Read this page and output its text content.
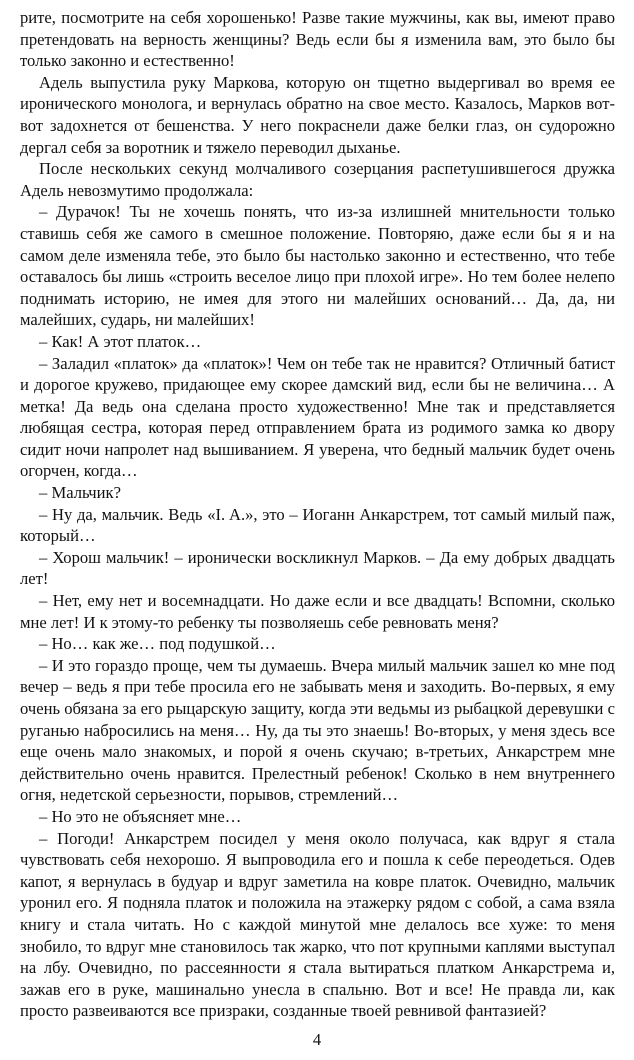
рите, посмотрите на себя хорошенько! Разве такие мужчины, как вы, имеют право претендовать на верность женщины? Ведь если бы я изменила вам, это было бы только законно и естественно!

Адель выпустила руку Маркова, которую он тщетно выдергивал во время ее иронического монолога, и вернулась обратно на свое место. Казалось, Марков вот-вот задохнется от бешенства. У него покраснели даже белки глаз, он судорожно дергал себя за воротник и тяжело переводил дыханье.

После нескольких секунд молчаливого созерцания распетушившегося дружка Адель невозмутимо продолжала:

– Дурачок! Ты не хочешь понять, что из-за излишней мнительности только ставишь себя же самого в смешное положение. Повторяю, даже если бы я и на самом деле изменяла тебе, это было бы настолько законно и естественно, что тебе оставалось бы лишь «строить веселое лицо при плохой игре». Но тем более нелепо поднимать историю, не имея для этого ни малейших оснований… Да, да, ни малейших, сударь, ни малейших!

– Как! А этот платок…

– Заладил «платок» да «платок»! Чем он тебе так не нравится? Отличный батист и дорогое кружево, придающее ему скорее дамский вид, если бы не величина… А метка! Да ведь она сделана просто художественно! Мне так и представляется любящая сестра, которая перед отправлением брата из родимого замка ко двору сидит ночи напролет над вышиванием. Я уверена, что бедный мальчик будет очень огорчен, когда…

– Мальчик?

– Ну да, мальчик. Ведь «I. A.», это – Иоганн Анкарстрем, тот самый милый паж, который…

– Хорош мальчик! – иронически воскликнул Марков. – Да ему добрых двадцать лет!

– Нет, ему нет и восемнадцати. Но даже если и все двадцать! Вспомни, сколько мне лет! И к этому-то ребенку ты позволяешь себе ревновать меня?

– Но… как же… под подушкой…

– И это гораздо проще, чем ты думаешь. Вчера милый мальчик зашел ко мне под вечер – ведь я при тебе просила его не забывать меня и заходить. Во-первых, я ему очень обязана за его рыцарскую защиту, когда эти ведьмы из рыбацкой деревушки с руганью набросились на меня… Ну, да ты это знаешь! Во-вторых, у меня здесь все еще очень мало знакомых, и порой я очень скучаю; в-третьих, Анкарстрем мне действительно очень нравится. Прелестный ребенок! Сколько в нем внутреннего огня, недетской серьезности, порывов, стремлений…

– Но это не объясняет мне…

– Погоди! Анкарстрем посидел у меня около получаса, как вдруг я стала чувствовать себя нехорошо. Я выпроводила его и пошла к себе переодеться. Одев капот, я вернулась в будуар и вдруг заметила на ковре платок. Очевидно, мальчик уронил его. Я подняла платок и положила на этажерку рядом с собой, а сама взяла книгу и стала читать. Но с каждой минутой мне делалось все хуже: то меня знобило, то вдруг мне становилось так жарко, что пот крупными каплями выступал на лбу. Очевидно, по рассеянности я стала вытираться платком Анкарстрема и, зажав его в руке, машинально унесла в спальню. Вот и все! Не правда ли, как просто развеиваются все призраки, созданные твоей ревнивой фантазией?

4
